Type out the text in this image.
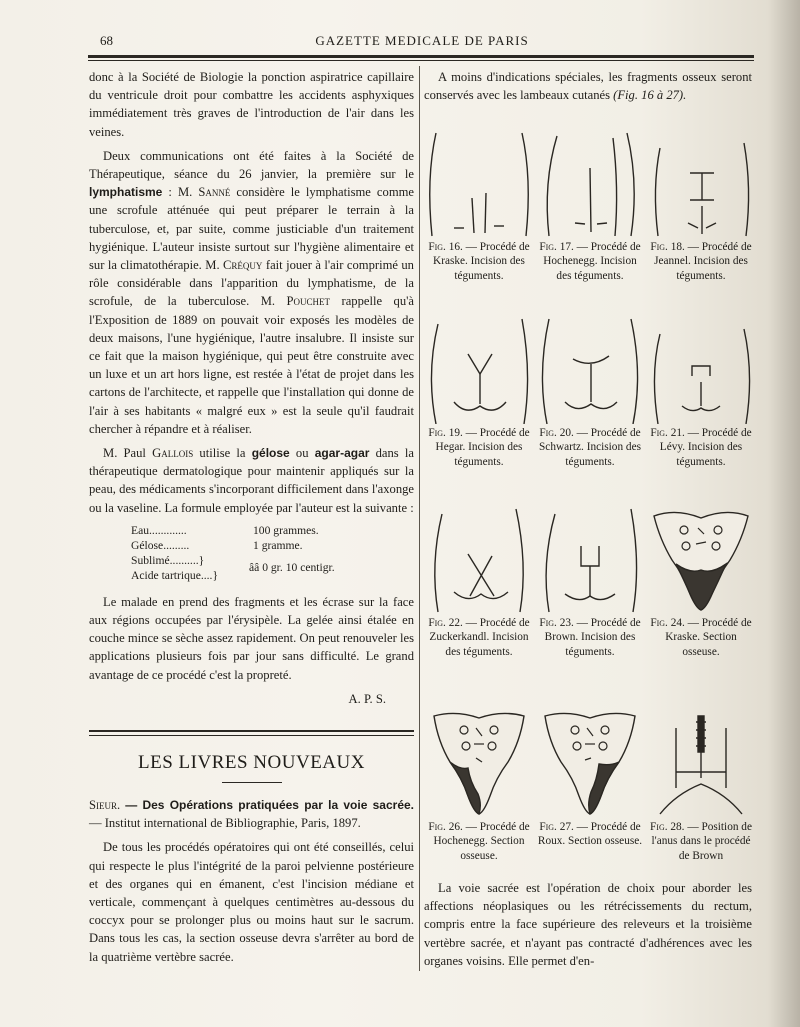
68	GAZETTE MEDICALE DE PARIS

donc à la Société de Biologie la ponction aspiratrice capillaire du ventricule droit pour combattre les accidents asphyxiques immédiatement très graves de l'introduction de l'air dans les veines.

Deux communications ont été faites à la Société de Thérapeutique, séance du 26 janvier, la première sur le lymphatisme : M. Sanné considère le lymphatisme comme une scrofule atténuée qui peut préparer le terrain à la tuberculose, et, par suite, comme justiciable d'un traitement hygiénique. L'auteur insiste surtout sur l'hygiène alimentaire et sur la climatothérapie. M. Créquy fait jouer à l'air comprimé un rôle considérable dans l'apparition du lymphatisme, de la scrofule, de la tuberculose. M. Pouchet rappelle qu'à l'Exposition de 1889 on pouvait voir exposés les modèles de deux maisons, l'une hygiénique, l'autre insalubre. Il insiste sur ce fait que la maison hygiénique, qui peut être construite avec un luxe et un art hors ligne, est restée à l'état de projet dans les cartons de l'architecte, et rappelle que l'installation qui donne de l'air à ses habitants « malgré eux » est la seule qu'il faudrait chercher à répandre et à réaliser.

M. Paul Gallois utilise la gélose ou agar-agar dans la thérapeutique dermatologique pour maintenir appliqués sur la peau, des médicaments s'incorporant difficilement dans l'axonge ou la vaseline. La formule employée par l'auteur est la suivante :

Eau.............	100 grammes.
Gélose.........	1 gramme.
Sublimé..........}
Acide tartrique....}
ââ 0 gr. 10 centigr.

Le malade en prend des fragments et les écrase sur la face aux régions occupées par l'érysipèle. La gelée ainsi étalée en couche mince se sèche assez rapidement. On peut renouveler les applications plusieurs fois par jour sans difficulté. Le grand avantage de ce procédé c'est la propreté.

A. P. S.
LES LIVRES NOUVEAUX

Sieur. — Des Opérations pratiquées par la voie sacrée. — Institut international de Bibliographie, Paris, 1897.

De tous les procédés opératoires qui ont été conseillés, celui qui respecte le plus l'intégrité de la paroi pelvienne postérieure et des organes qui en émanent, c'est l'incision médiane et verticale, commençant à quelques centimètres au-dessous du coccyx pour se prolonger plus ou moins haut sur le sacrum. Dans tous les cas, la section osseuse devra s'arrêter au bord de la quatrième vertèbre sacrée.

A moins d'indications spéciales, les fragments osseux seront conservés avec les lambeaux cutanés (Fig. 16 à 27).

Fig. 16. — Procédé de Kraske. Incision des téguments.
Fig. 17. — Procédé de Hochenegg. Incision des téguments.
Fig. 18. — Procédé de Jeannel. Incision des téguments.
Fig. 19. — Procédé de Hegar. Incision des téguments.
Fig. 20. — Procédé de Schwartz. Incision des téguments.
Fig. 21. — Procédé de Lévy. Incision des téguments.
Fig. 22. — Procédé de Zuckerkandl. Incision des téguments.
Fig. 23. — Procédé de Brown. Incision des téguments.
Fig. 24. — Procédé de Kraske. Section osseuse.
Fig. 26. — Procédé de Hochenegg. Section osseuse.
Fig. 27. — Procédé de Roux. Section osseuse.
Fig. 28. — Position de l'anus dans le procédé de Brown

La voie sacrée est l'opération de choix pour aborder les affections néoplasiques ou les rétrécissements du rectum, compris entre la face supérieure des releveurs et la troisième vertèbre sacrée, et n'ayant pas contracté d'adhérences avec les organes voisins. Elle permet d'en-
